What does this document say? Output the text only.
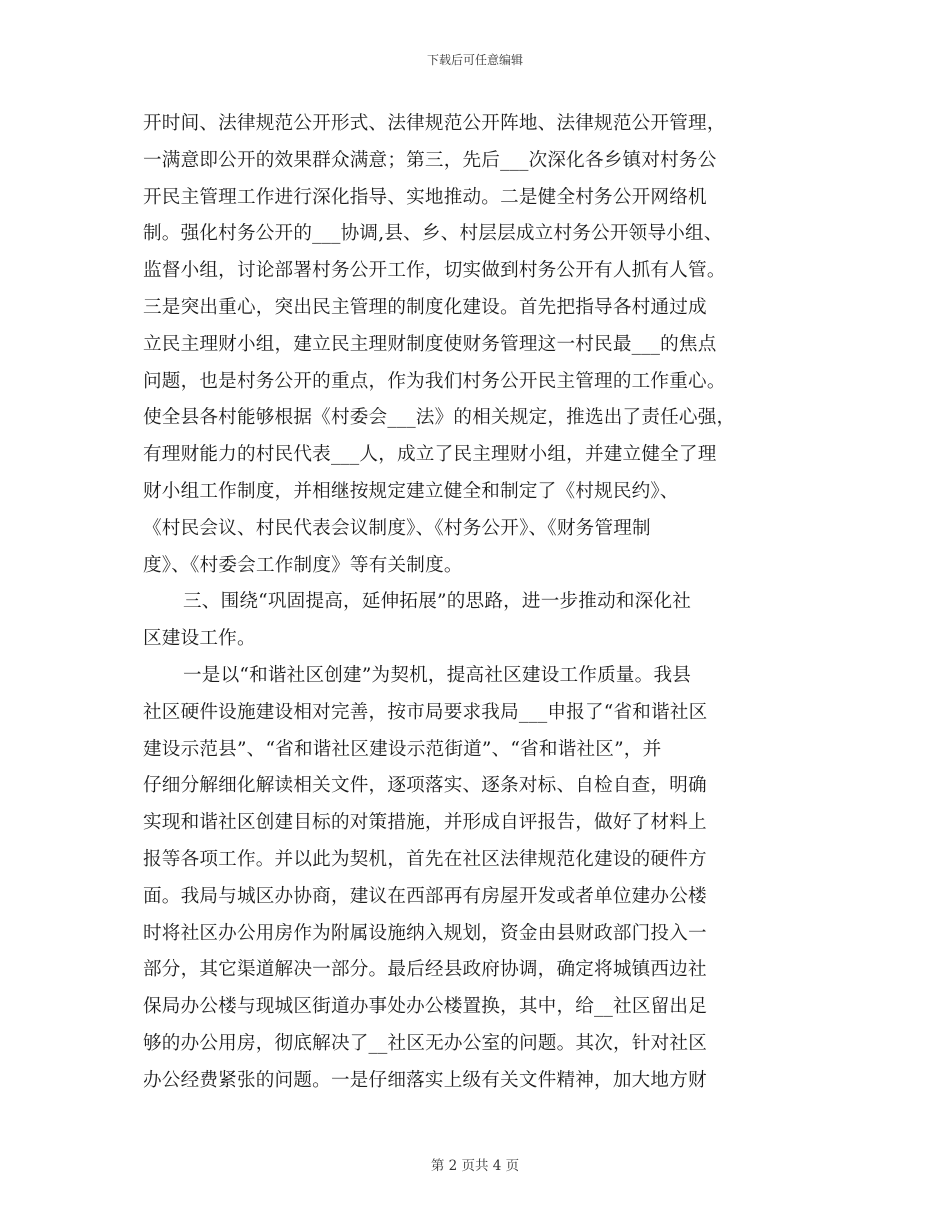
下载后可任意编辑
开时间、法律规范公开形式、法律规范公开阵地、法律规范公开管理，
一满意即公开的效果群众满意；第三，先后___次深化各乡镇对村务公
开民主管理工作进行深化指导、实地推动。二是健全村务公开网络机
制。强化村务公开的___协调,县、乡、村层层成立村务公开领导小组、
监督小组，讨论部署村务公开工作，切实做到村务公开有人抓有人管。
三是突出重心，突出民主管理的制度化建设。首先把指导各村通过成
立民主理财小组，建立民主理财制度使财务管理这一村民最___的焦点
问题，也是村务公开的重点，作为我们村务公开民主管理的工作重心。
使全县各村能够根据《村委会___法》的相关规定，推选出了责任心强，
有理财能力的村民代表___人，成立了民主理财小组，并建立健全了理
财小组工作制度，并相继按规定建立健全和制定了《村规民约》、
《村民会议、村民代表会议制度》、《村务公开》、《财务管理制
度》、《村委会工作制度》等有关制度。
三、围绕“巩固提高，延伸拓展”的思路，进一步推动和深化社
区建设工作。
一是以“和谐社区创建”为契机，提高社区建设工作质量。我县
社区硬件设施建设相对完善，按市局要求我局___申报了“省和谐社区
建设示范县”、“省和谐社区建设示范街道”、“省和谐社区”，并
仔细分解细化解读相关文件，逐项落实、逐条对标、自检自查，明确
实现和谐社区创建目标的对策措施，并形成自评报告，做好了材料上
报等各项工作。并以此为契机，首先在社区法律规范化建设的硬件方
面。我局与城区办协商，建议在西部再有房屋开发或者单位建办公楼
时将社区办公用房作为附属设施纳入规划，资金由县财政部门投入一
部分，其它渠道解决一部分。最后经县政府协调，确定将城镇西边社
保局办公楼与现城区街道办事处办公楼置换，其中，给__社区留出足
够的办公用房，彻底解决了__社区无办公室的问题。其次，针对社区
办公经费紧张的问题。一是仔细落实上级有关文件精神，加大地方财
第 2 页共 4 页
